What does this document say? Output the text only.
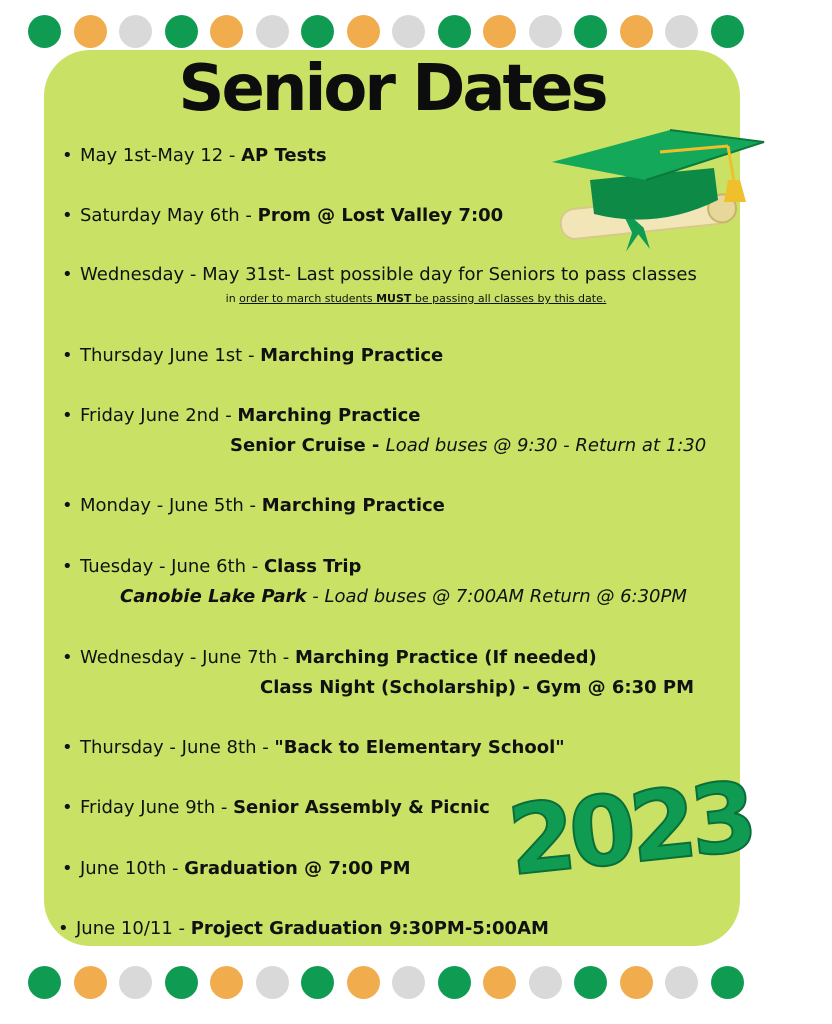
Senior Dates
• May 1st-May 12 - AP Tests
• Saturday May 6th - Prom @ Lost Valley 7:00
• Wednesday - May 31st- Last possible day for Seniors to pass classes
in order to march students MUST be passing all classes by this date.
• Thursday June 1st - Marching Practice
• Friday June 2nd - Marching Practice
Senior Cruise - Load buses @ 9:30 - Return at 1:30
• Monday - June 5th - Marching Practice
• Tuesday - June 6th - Class Trip
Canobie Lake Park - Load buses @ 7:00AM Return @ 6:30PM
• Wednesday - June 7th - Marching Practice (If needed)
Class Night (Scholarship) - Gym @ 6:30 PM
• Thursday - June 8th - "Back to Elementary School"
• Friday June 9th - Senior Assembly & Picnic
• June 10th - Graduation @ 7:00 PM
• June 10/11 - Project Graduation 9:30PM-5:00AM
2023
